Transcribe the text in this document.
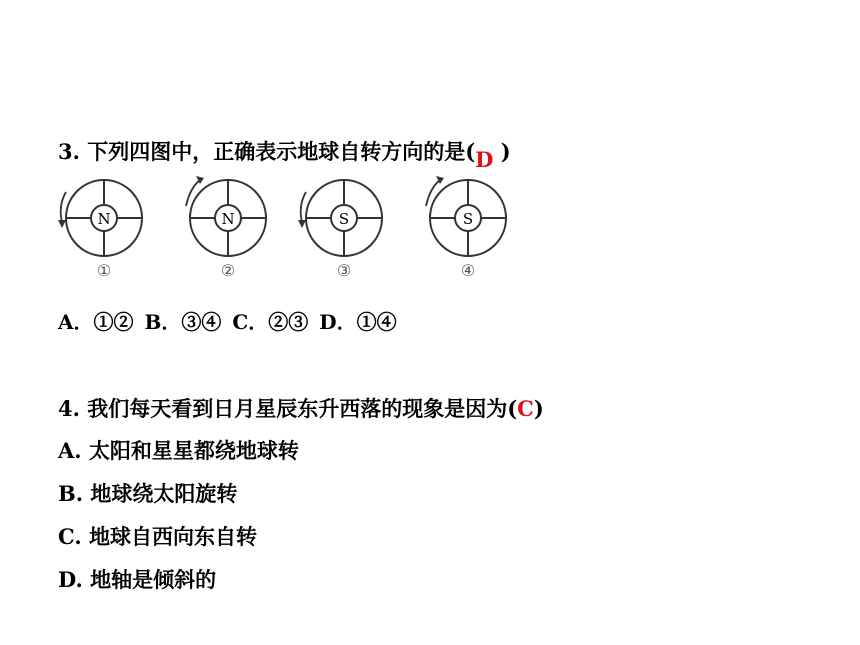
3. 下列四图中，正确表示地球自转方向的是(D )
N
①
N
②
S
③
S
④
A．①② B．③④ C．②③ D．①④
4. 我们每天看到日月星辰东升西落的现象是因为(C)
A. 太阳和星星都绕地球转
B. 地球绕太阳旋转
C. 地球自西向东自转
D. 地轴是倾斜的
